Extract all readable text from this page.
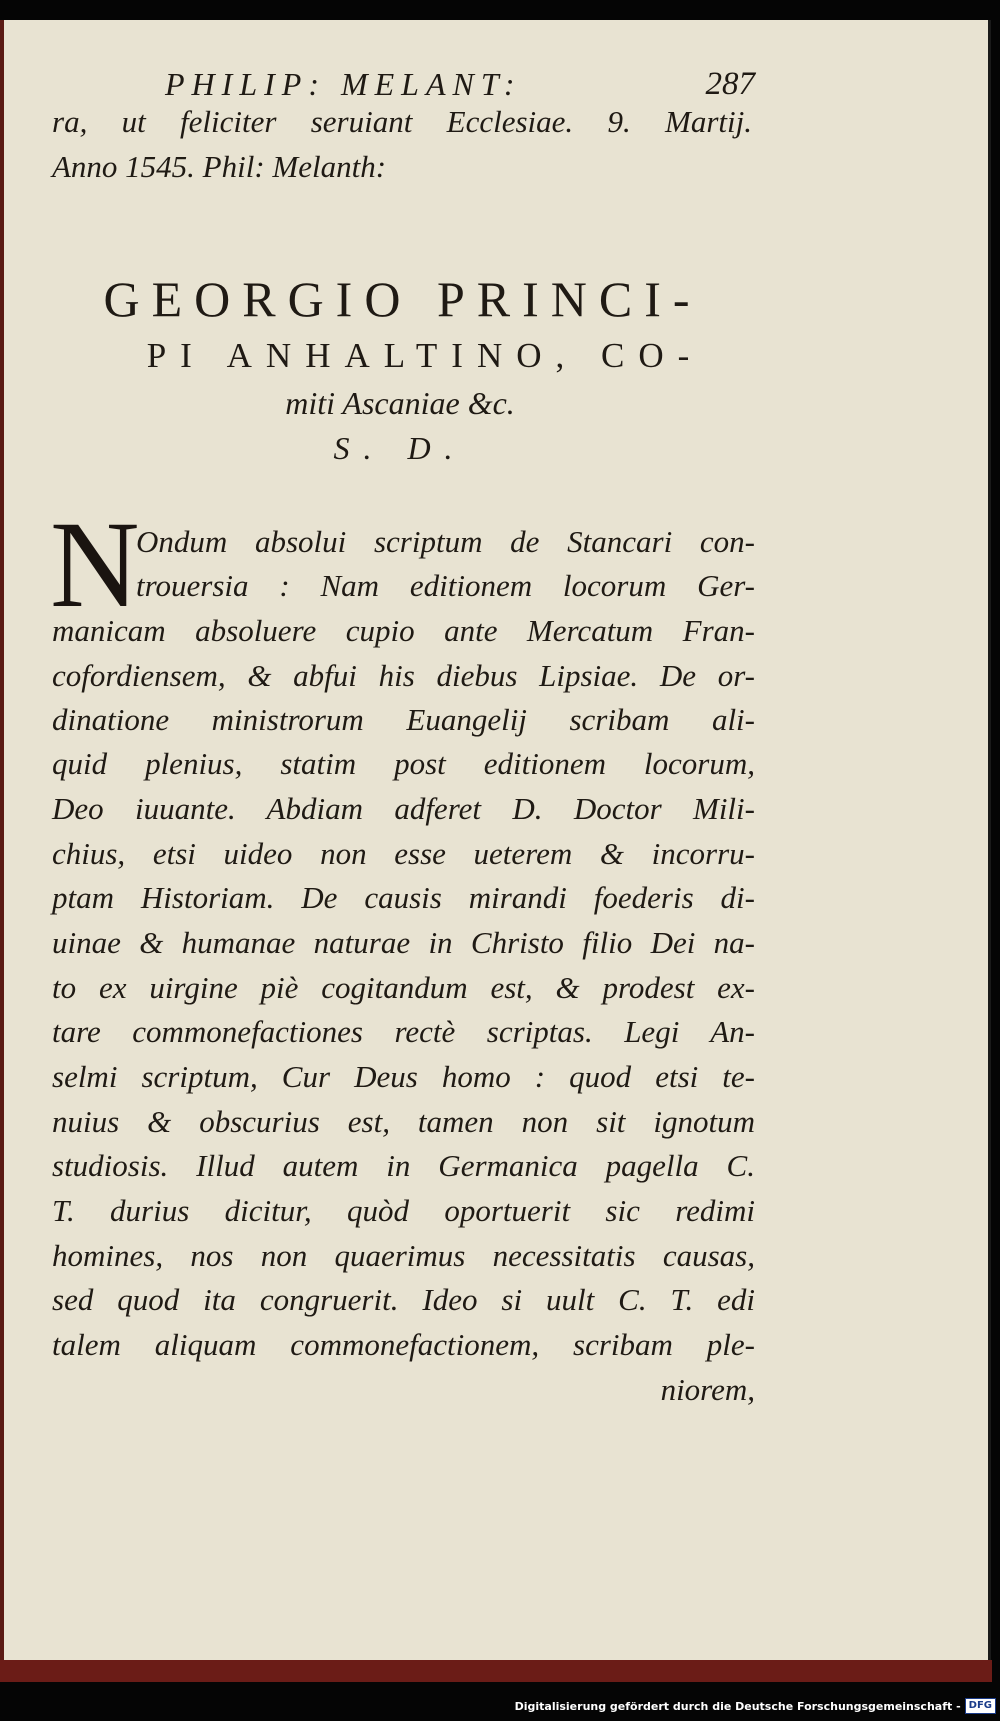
PHILIP: MELANT:	287
ra, ut feliciter seruiant Ecclesiae. 9. Martij.
Anno 1545. Phil: Melanth:
GEORGIO PRINCI-
PI ANHALTINO, CO-
miti Ascaniae &c.
S. D.
N
Ondum absolui scriptum de Stancari con-
trouersia : Nam editionem locorum Ger-
manicam absoluere cupio ante Mercatum Fran-
cofordiensem, & abfui his diebus Lipsiae. De or-
dinatione ministrorum Euangelij scribam ali-
quid plenius, statim post editionem locorum,
Deo iuuante. Abdiam adferet D. Doctor Mili-
chius, etsi uideo non esse ueterem & incorru-
ptam Historiam. De causis mirandi foederis di-
uinae & humanae naturae in Christo filio Dei na-
to ex uirgine piè cogitandum est, & prodest ex-
tare commonefactiones rectè scriptas. Legi An-
selmi scriptum, Cur Deus homo : quod etsi te-
nuius & obscurius est, tamen non sit ignotum
studiosis. Illud autem in Germanica pagella C.
T. durius dicitur, quòd oportuerit sic redimi
homines, nos non quaerimus necessitatis causas,
sed quod ita congruerit. Ideo si uult C. T. edi
talem aliquam commonefactionem, scribam ple-
niorem,
Digitalisierung gefördert durch die Deutsche Forschungsgemeinschaft - DFG
